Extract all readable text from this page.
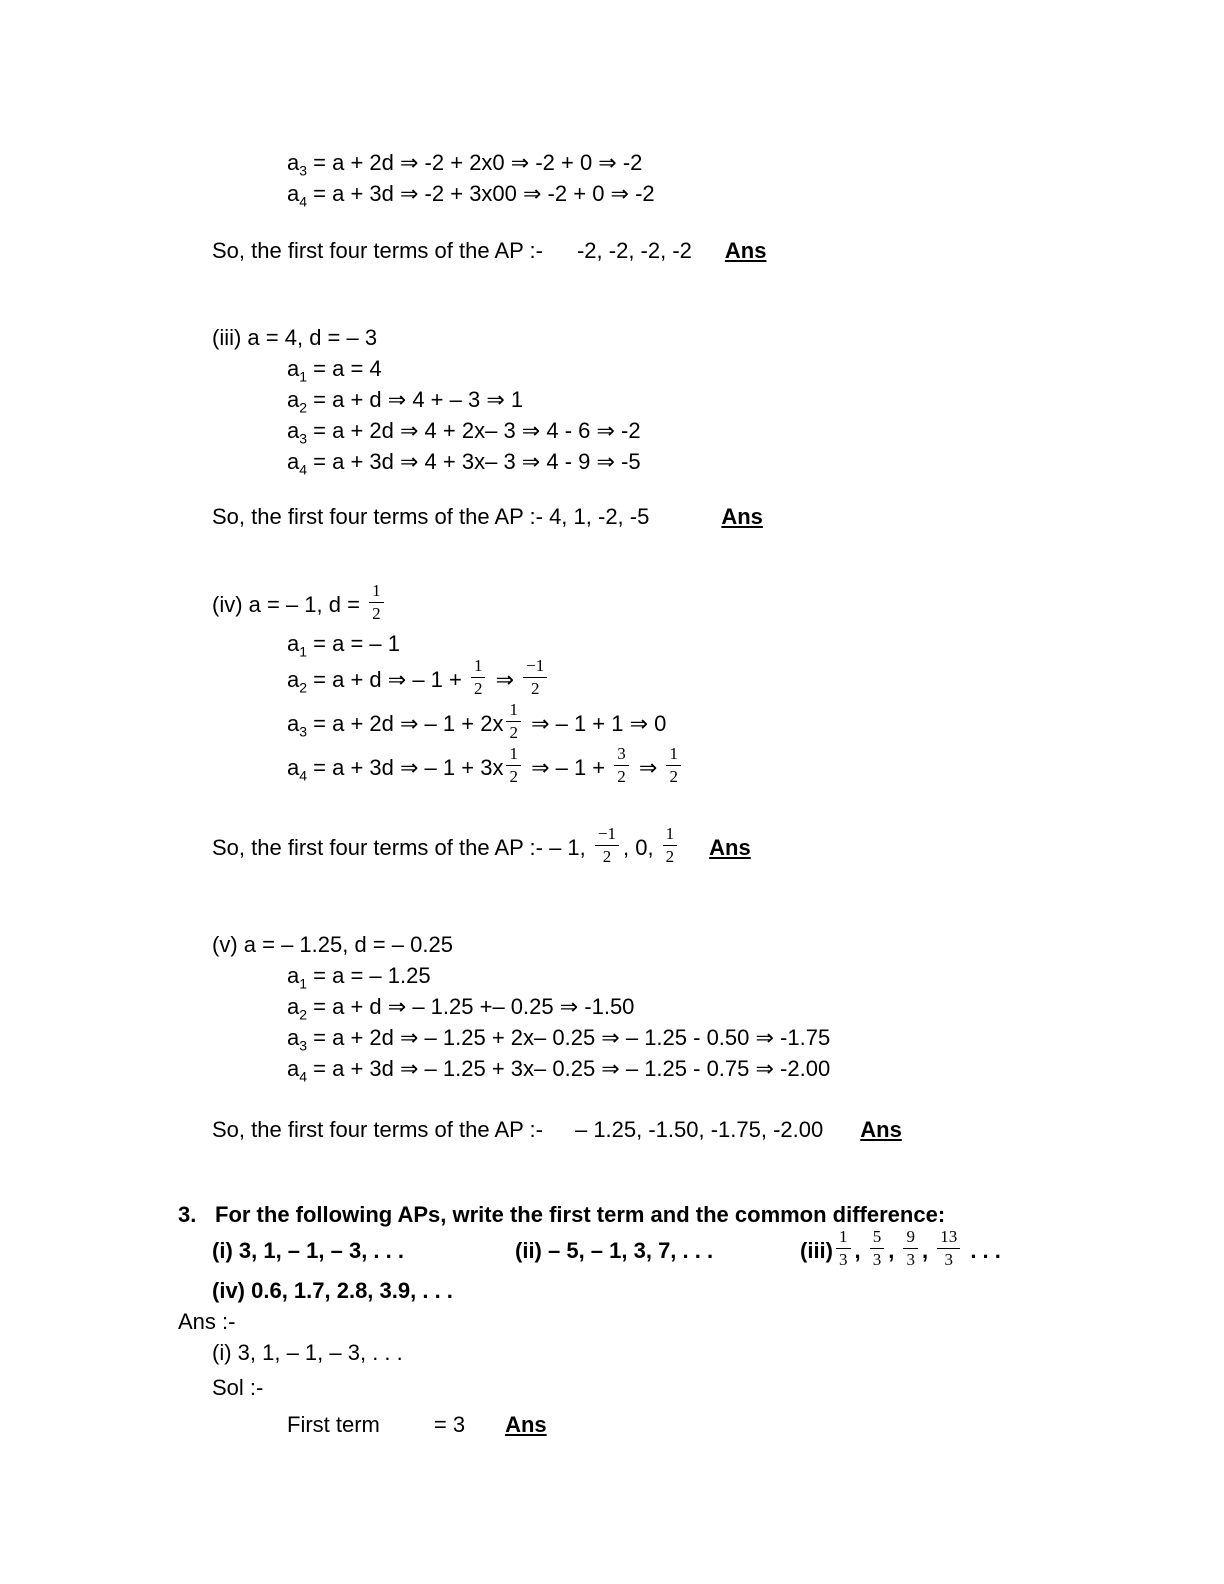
$a_3 = a + 2d$ ⇒ -2 + 2x0 ⇒ -2 + 0 ⇒ -2
$a_4 = a + 3d$ ⇒ -2 + 3x00 ⇒ -2 + 0 ⇒ -2
So, the first four terms of the AP :- -2, -2, -2, -2 Ans
(iii) a = 4, d = – 3
$a_1 = a = 4$
$a_2 = a + d$ ⇒ 4 + – 3 ⇒ 1
$a_3 = a + 2d$ ⇒ 4 + 2x– 3 ⇒ 4 - 6 ⇒ -2
$a_4 = a + 3d$ ⇒ 4 + 3x– 3 ⇒ 4 - 9 ⇒ -5
So, the first four terms of the AP :- 4, 1, -2, -5	Ans
(iv) a = – 1, $d = \frac{1}{2}$
$a_1 = a$ = – 1
$a_2 = a + d$ ⇒ – $1 + \frac{1}{2}$ ⇒ $\frac{-1}{2}$
$a_3 = a + 2d$ ⇒ – $1 + 2x \frac{1}{2}$ ⇒ – 1 + 1 ⇒ 0
$a_4 = a + 3d$ ⇒ – $1 + 3x \frac{1}{2}$ ⇒ – $1 + \frac{3}{2}$ ⇒ $\frac{1}{2}$
So, the first four terms of the AP :- – 1, $\frac{-1}{2}$ , 0, $\frac{1}{2}$ Ans
(v) a = – 1.25, d = – 0.25
$a_1 = a$ = – 1.25
$a_2 = a + d$ ⇒ – 1.25 +– 0.25 ⇒ -1.50
$a_3 = a + 2d$ ⇒ – 1.25 + 2x– 0.25 ⇒ – 1.25 - 0.50 ⇒ -1.75
$a_4 = a + 3d$ ⇒ – 1.25 + 3x– 0.25 ⇒ – 1.25 - 0.75 ⇒ -2.00
So, the first four terms of the AP :- – 1.25, -1.50, -1.75, -2.00 Ans
3. For the following APs, write the first term and the common difference:
(i) 3, 1, – 1, – 3, . . .	(ii) – 5, – 1, 3, 7, . . .	$(iii) \frac{1}{3}$ , $\frac{5}{3}$ , $\frac{9}{3}$ , $\frac{13}{3}$ . . .
(iv) 0.6, 1.7, 2.8, 3.9, . . .
Ans :-
(i) 3, 1, – 1, – 3, . . .
Sol :-
First term = 3 Ans
